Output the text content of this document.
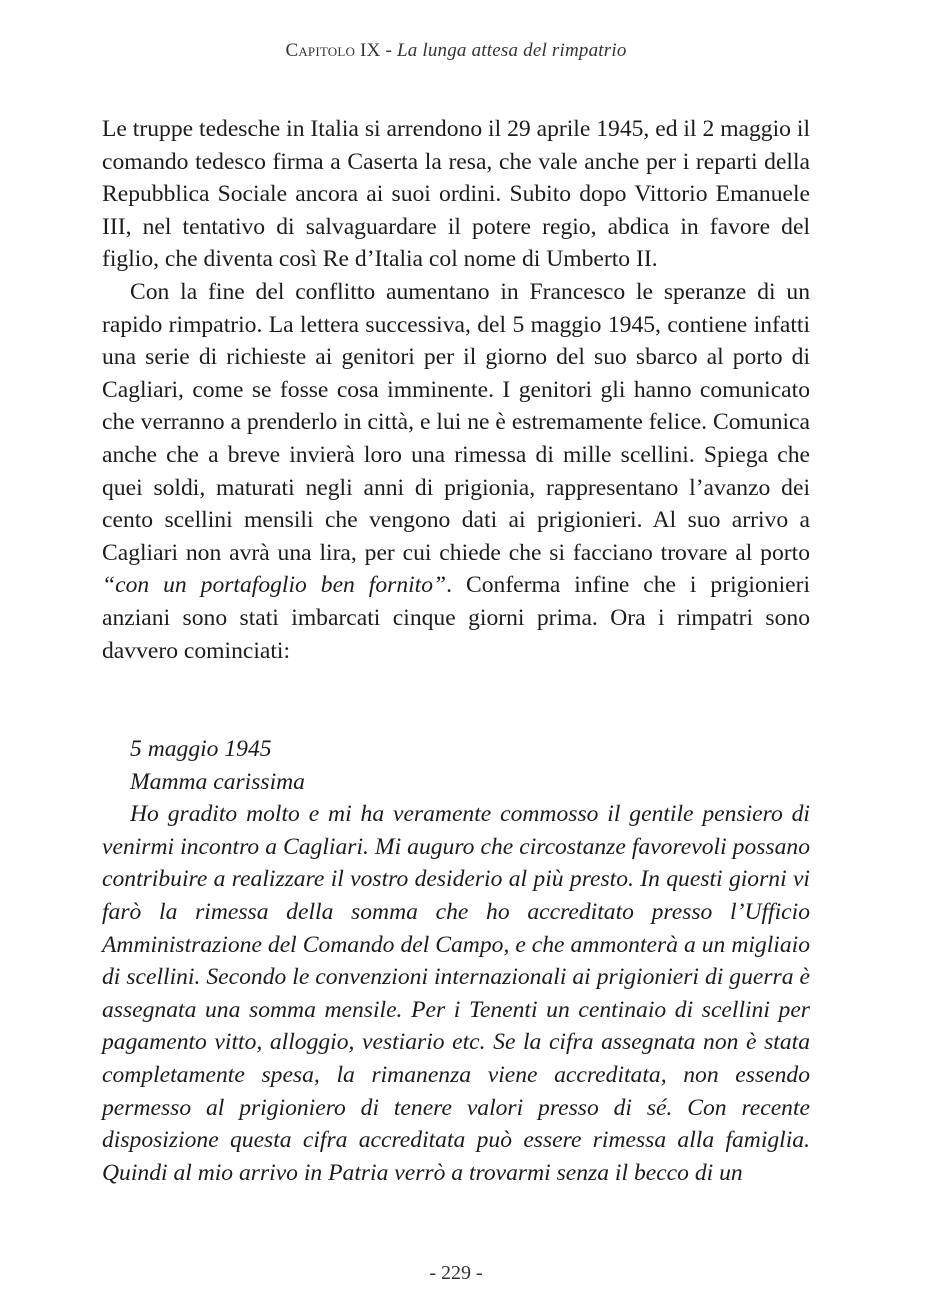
Capitolo IX - La lunga attesa del rimpatrio

Le truppe tedesche in Italia si arrendono il 29 aprile 1945, ed il 2 maggio il comando tedesco firma a Caserta la resa, che vale anche per i reparti della Repubblica Sociale ancora ai suoi ordini. Subito dopo Vittorio Emanuele III, nel tentativo di salvaguardare il potere regio, abdica in favore del figlio, che diventa così Re d’Italia col nome di Umberto II.

Con la fine del conflitto aumentano in Francesco le speranze di un rapido rimpatrio. La lettera successiva, del 5 maggio 1945, contiene infatti una serie di richieste ai genitori per il giorno del suo sbarco al porto di Cagliari, come se fosse cosa imminente. I genitori gli hanno comunicato che verranno a prenderlo in città, e lui ne è estremamente felice. Comunica anche che a breve invierà loro una rimessa di mille scellini. Spiega che quei soldi, maturati negli anni di prigionia, rappresentano l’avanzo dei cento scellini mensili che vengono dati ai prigionieri. Al suo arrivo a Cagliari non avrà una lira, per cui chiede che si facciano trovare al porto “con un portafoglio ben fornito”. Conferma infine che i prigionieri anziani sono stati imbarcati cinque giorni prima. Ora i rimpatri sono davvero cominciati:

5 maggio 1945
Mamma carissima

Ho gradito molto e mi ha veramente commosso il gentile pensiero di venirmi incontro a Cagliari. Mi auguro che circostanze favorevoli possano contribuire a realizzare il vostro desiderio al più presto. In questi giorni vi farò la rimessa della somma che ho accreditato presso l’Ufficio Amministrazione del Comando del Campo, e che ammonterà a un migliaio di scellini. Secondo le convenzioni internazionali ai prigionieri di guerra è assegnata una somma mensile. Per i Tenenti un centinaio di scellini per pagamento vitto, alloggio, vestiario etc. Se la cifra assegnata non è stata completamente spesa, la rimanenza viene accreditata, non essendo permesso al prigioniero di tenere valori presso di sé. Con recente disposizione questa cifra accreditata può essere rimessa alla famiglia. Quindi al mio arrivo in Patria verrò a trovarmi senza il becco di un

- 229 -
